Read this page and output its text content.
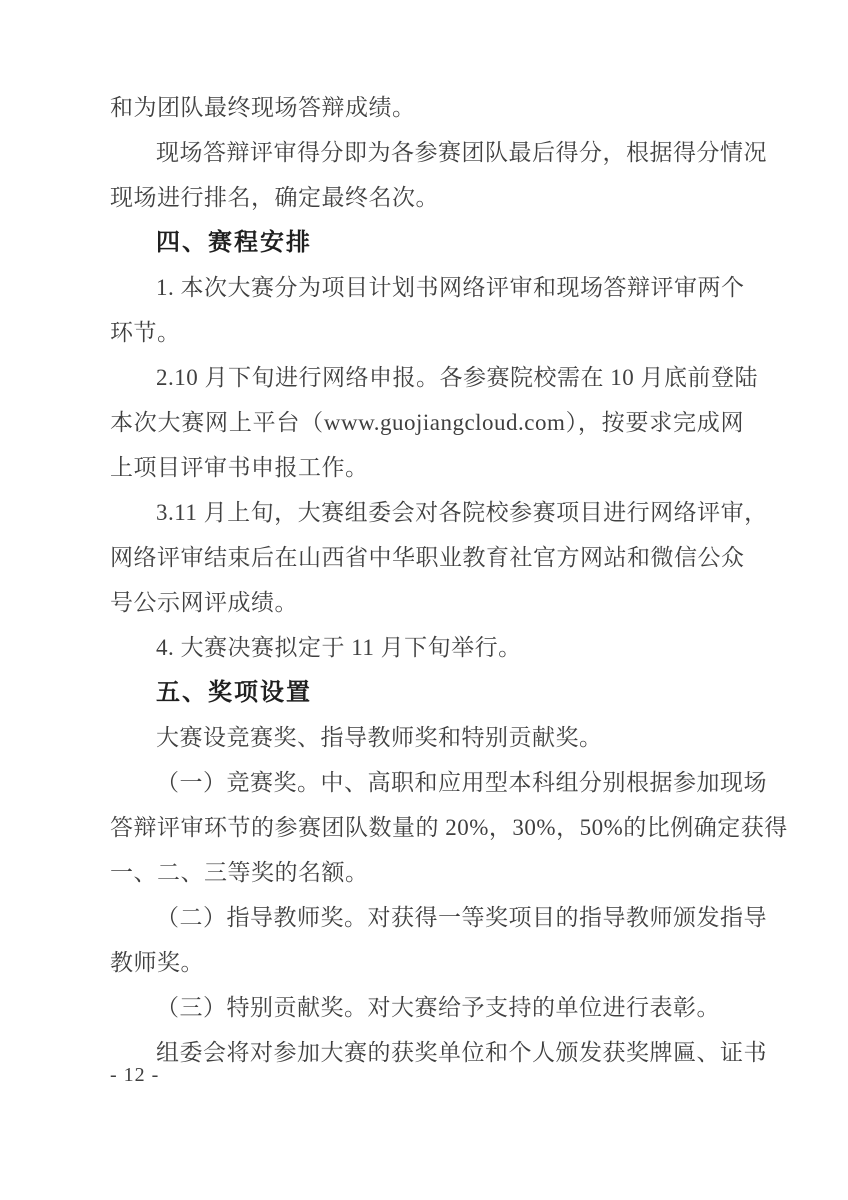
和为团队最终现场答辩成绩。
现场答辩评审得分即为各参赛团队最后得分，根据得分情况
现场进行排名，确定最终名次。
四、赛程安排
1. 本次大赛分为项目计划书网络评审和现场答辩评审两个
环节。
2.10 月下旬进行网络申报。各参赛院校需在 10 月底前登陆
本次大赛网上平台（www.guojiangcloud.com），按要求完成网
上项目评审书申报工作。
3.11 月上旬，大赛组委会对各院校参赛项目进行网络评审，
网络评审结束后在山西省中华职业教育社官方网站和微信公众
号公示网评成绩。
4. 大赛决赛拟定于 11 月下旬举行。
五、奖项设置
大赛设竞赛奖、指导教师奖和特别贡献奖。
（一）竞赛奖。中、高职和应用型本科组分别根据参加现场
答辩评审环节的参赛团队数量的 20%，30%，50%的比例确定获得
一、二、三等奖的名额。
（二）指导教师奖。对获得一等奖项目的指导教师颁发指导
教师奖。
（三）特别贡献奖。对大赛给予支持的单位进行表彰。
组委会将对参加大赛的获奖单位和个人颁发获奖牌匾、证书
- 12 -
